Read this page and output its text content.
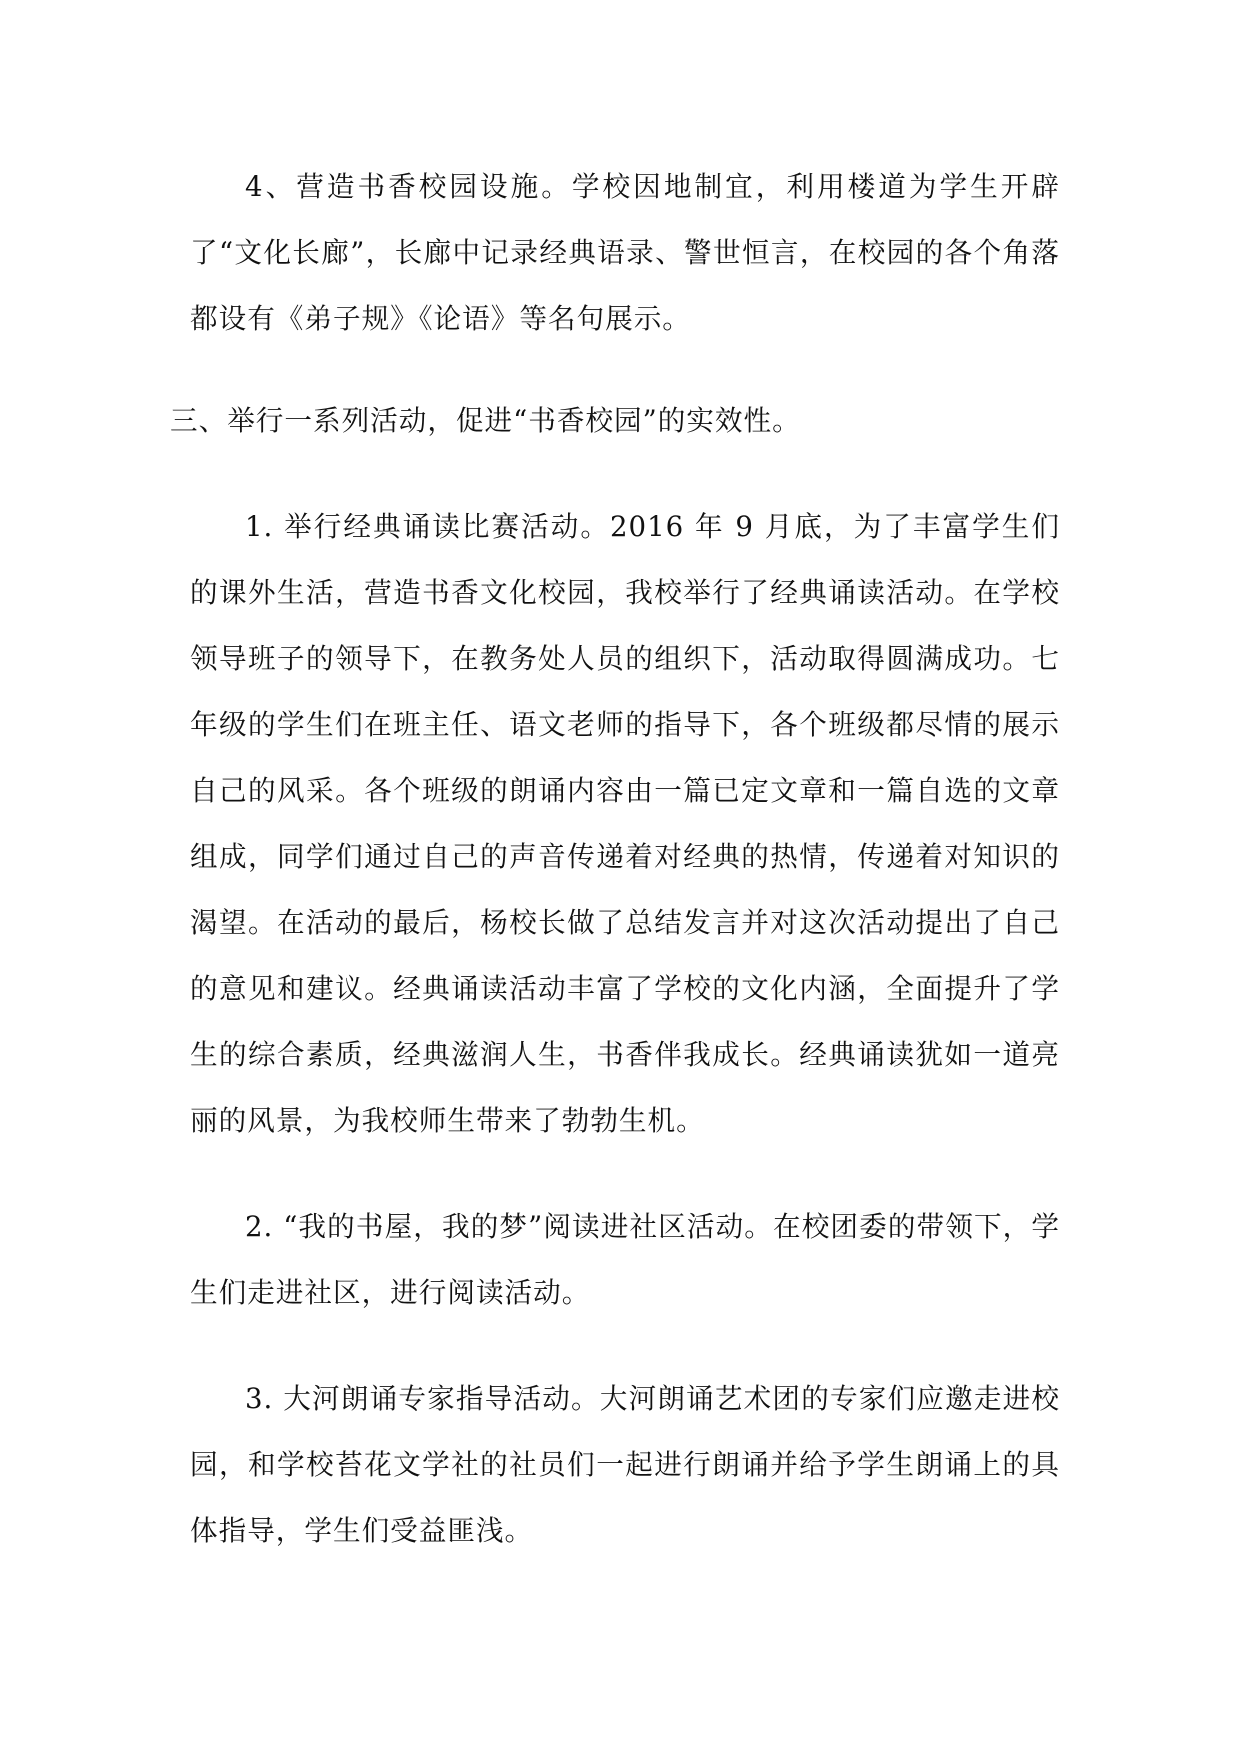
4、营造书香校园设施。学校因地制宜，利用楼道为学生开辟了“文化长廊”，长廊中记录经典语录、警世恒言，在校园的各个角落都设有《弟子规》《论语》等名句展示。

三、举行一系列活动，促进“书香校园”的实效性。

1. 举行经典诵读比赛活动。2016 年 9 月底，为了丰富学生们的课外生活，营造书香文化校园，我校举行了经典诵读活动。在学校领导班子的领导下，在教务处人员的组织下，活动取得圆满成功。七年级的学生们在班主任、语文老师的指导下，各个班级都尽情的展示自己的风采。各个班级的朗诵内容由一篇已定文章和一篇自选的文章组成，同学们通过自己的声音传递着对经典的热情，传递着对知识的渴望。在活动的最后，杨校长做了总结发言并对这次活动提出了自己的意见和建议。经典诵读活动丰富了学校的文化内涵，全面提升了学生的综合素质，经典滋润人生，书香伴我成长。经典诵读犹如一道亮丽的风景，为我校师生带来了勃勃生机。

2. “我的书屋，我的梦”阅读进社区活动。在校团委的带领下，学生们走进社区，进行阅读活动。

3. 大河朗诵专家指导活动。大河朗诵艺术团的专家们应邀走进校园，和学校苔花文学社的社员们一起进行朗诵并给予学生朗诵上的具体指导，学生们受益匪浅。
